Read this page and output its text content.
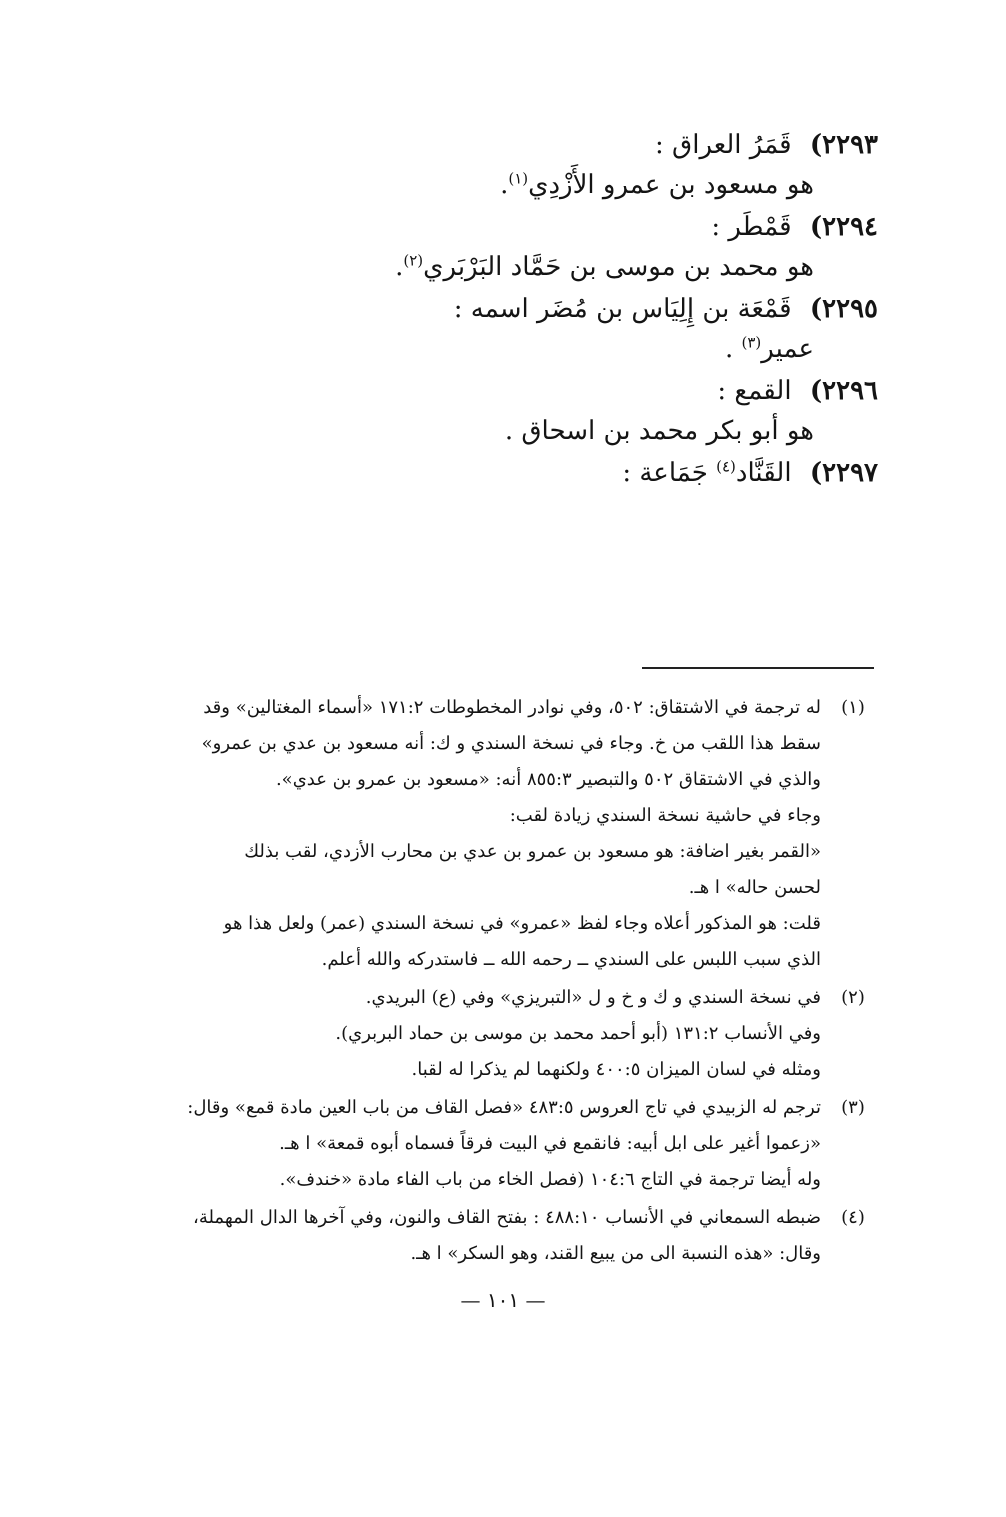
٢٢٩٣ ) قَمَرُ العراق :
هو مسعود بن عمرو الأَزْدِي$^{(١)}$.
٢٢٩٤ ) قَمْطَر :
هو محمد بن موسى بن حَمَّاد البَرْبَري$^{(٢)}$.
٢٢٩٥ ) قَمْعَة بن إِلِيَاس بن مُضَر اسمه :
عمير$^{(٣)}$ .
٢٢٩٦ ) القمع :
هو أبو بكر محمد بن اسحاق .
٢٢٩٧ ) القَنَّاد$^{(٤)}$ جَمَاعة :
(١)
له ترجمة في الاشتقاق: ٥٠٢، وفي نوادر المخطوطات ١٧١:٢ «أسماء المغتالين» وقد
سقط هذا اللقب من خ. وجاء في نسخة السندي و ك: أنه مسعود بن عدي بن عمرو»
والذي في الاشتقاق ٥٠٢ والتبصير ٨٥٥:٣ أنه: «مسعود بن عمرو بن عدي».
وجاء في حاشية نسخة السندي زيادة لقب:
«القمر بغير اضافة: هو مسعود بن عمرو بن عدي بن محارب الأزدي، لقب بذلك
لحسن حاله» ا هـ.
قلت: هو المذكور أعلاه وجاء لفظ «عمرو» في نسخة السندي (عمر) ولعل هذا هو
الذي سبب اللبس على السندي ــ رحمه الله ــ فاستدركه والله أعلم.
(٢)
في نسخة السندي و ك و خ و ل «التبريزي» وفي (ع) البريدي.
وفي الأنساب ١٣١:٢ (أبو أحمد محمد بن موسى بن حماد البربري).
ومثله في لسان الميزان ٤٠٠:٥ ولكنهما لم يذكرا له لقبا.
(٣)
ترجم له الزبيدي في تاج العروس ٤٨٣:٥ «فصل القاف من باب العين مادة قمع» وقال:
«زعموا أغير على ابل أبيه: فانقمع في البيت فرقاً فسماه أبوه قمعة» ا هـ.
وله أيضا ترجمة في التاج ١٠٤:٦ (فصل الخاء من باب الفاء مادة «خندف».
(٤)
ضبطه السمعاني في الأنساب ٤٨٨:١٠ : بفتح القاف والنون، وفي آخرها الدال المهملة،
وقال: «هذه النسبة الى من يبيع القند، وهو السكر» ا هـ.
— ١٠١ —
